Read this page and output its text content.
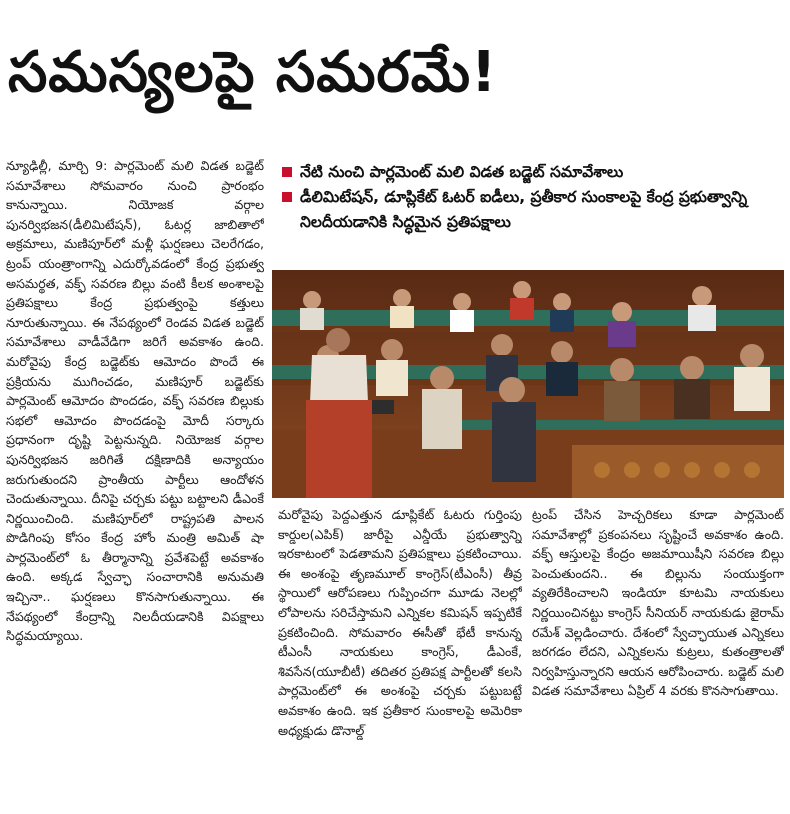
సమస్యలపై సమరమే!

న్యూఢిల్లీ, మార్చి 9: పార్లమెంట్ మలి విడత బడ్జెట్ సమావేశాలు సోమవారం నుంచి ప్రారంభం కానున్నాయి. నియోజక వర్గాల పునర్విభజన(డీలిమిటేషన్), ఓటర్ల జాబితాలో అక్రమాలు, మణిపూర్‌లో మళ్లీ ఘర్షణలు చెలరేగడం, ట్రంప్ యంత్రాంగాన్ని ఎదుర్కోవడంలో కేంద్ర ప్రభుత్వ అసమర్థత, వక్ఫ్ సవరణ బిల్లు వంటి కీలక అంశాలపై ప్రతిపక్షాలు కేంద్ర ప్రభుత్వంపై కత్తులు నూరుతున్నాయి. ఈ నేపథ్యంలో రెండవ విడత బడ్జెట్ సమావేశాలు వాడీవేడిగా జరిగే అవకాశం ఉంది. మరోవైపు కేంద్ర బడ్జెట్‌కు ఆమోదం పొందే ఈ ప్రక్రియను ముగించడం, మణిపూర్ బడ్జెట్‌కు పార్లమెంట్ ఆమోదం పొందడం, వక్ఫ్ సవరణ బిల్లుకు సభలో ఆమోదం పొందడంపై మోదీ సర్కారు ప్రధానంగా దృష్టి పెట్టనున్నది. నియోజక వర్గాల పునర్విభజన జరిగితే దక్షిణాదికి అన్యాయం జరుగుతుందని ప్రాంతీయ పార్టీలు ఆందోళన చెందుతున్నాయి. దీనిపై చర్చకు పట్టు బట్టాలని డీఎంకే నిర్ణయించింది. మణిపూర్‌లో రాష్ట్రపతి పాలన పొడిగింపు కోసం కేంద్ర హోం మంత్రి అమిత్ షా పార్లమెంట్‌లో ఓ తీర్మానాన్ని ప్రవేశపెట్టే అవకాశం ఉంది. అక్కడ స్వేచ్ఛా సంచారానికి అనుమతి ఇచ్చినా.. ఘర్షణలు కొనసాగుతున్నాయి. ఈ నేపథ్యంలో కేంద్రాన్ని నిలదీయడానికి విపక్షాలు సిద్ధమయ్యాయి.

నేటి నుంచి పార్లమెంట్ మలి విడత బడ్జెట్ సమావేశాలు
డీలిమిటేషన్, డూప్లికేట్ ఓటర్ ఐడీలు, ప్రతీకార సుంకాలపై కేంద్ర ప్రభుత్వాన్ని నిలదీయడానికి సిద్ధమైన ప్రతిపక్షాలు

మరోవైపు పెద్దఎత్తున డూప్లికేట్ ఓటరు గుర్తింపు కార్డుల(ఎపిక్) జారీపై ఎన్డీయే ప్రభుత్వాన్ని ఇరకాటంలో పెడతామని ప్రతిపక్షాలు ప్రకటించాయి. ఈ అంశంపై తృణమూల్ కాంగ్రెస్(టీఎంసీ) తీవ్ర స్థాయిలో ఆరోపణలు గుప్పించగా మూడు నెలల్లో లోపాలను సరిచేస్తామని ఎన్నికల కమిషన్ ఇప్పటికే ప్రకటించింది. సోమవారం ఈసీతో భేటీ కానున్న టీఎంసీ నాయకులు కాంగ్రెస్, డీఎంకే, శివసేన(యూబీటీ) తదితర ప్రతిపక్ష పార్టీలతో కలసి పార్లమెంట్‌లో ఈ అంశంపై చర్చకు పట్టుబట్టే అవకాశం ఉంది. ఇక ప్రతీకార సుంకాలపై అమెరికా అధ్యక్షుడు డొనాల్డ్

ట్రంప్ చేసిన హెచ్చరికలు కూడా పార్లమెంట్ సమావేశాల్లో ప్రకంపనలు సృష్టించే అవకాశం ఉంది. వక్ఫ్ ఆస్తులపై కేంద్రం అజమాయిషీని సవరణ బిల్లు పెంచుతుందని.. ఈ బిల్లును సంయుక్తంగా వ్యతిరేకించాలని ఇండియా కూటమి నాయకులు నిర్ణయించినట్టు కాంగ్రెస్ సీనియర్ నాయకుడు జైరామ్ రమేశ్ వెల్లడించారు. దేశంలో స్వేచ్ఛాయుత ఎన్నికలు జరగడం లేదని, ఎన్నికలను కుట్రలు, కుతంత్రాలతో నిర్వహిస్తున్నారని ఆయన ఆరోపించారు. బడ్జెట్ మలి విడత సమావేశాలు ఏప్రిల్ 4 వరకు కొనసాగుతాయి.
